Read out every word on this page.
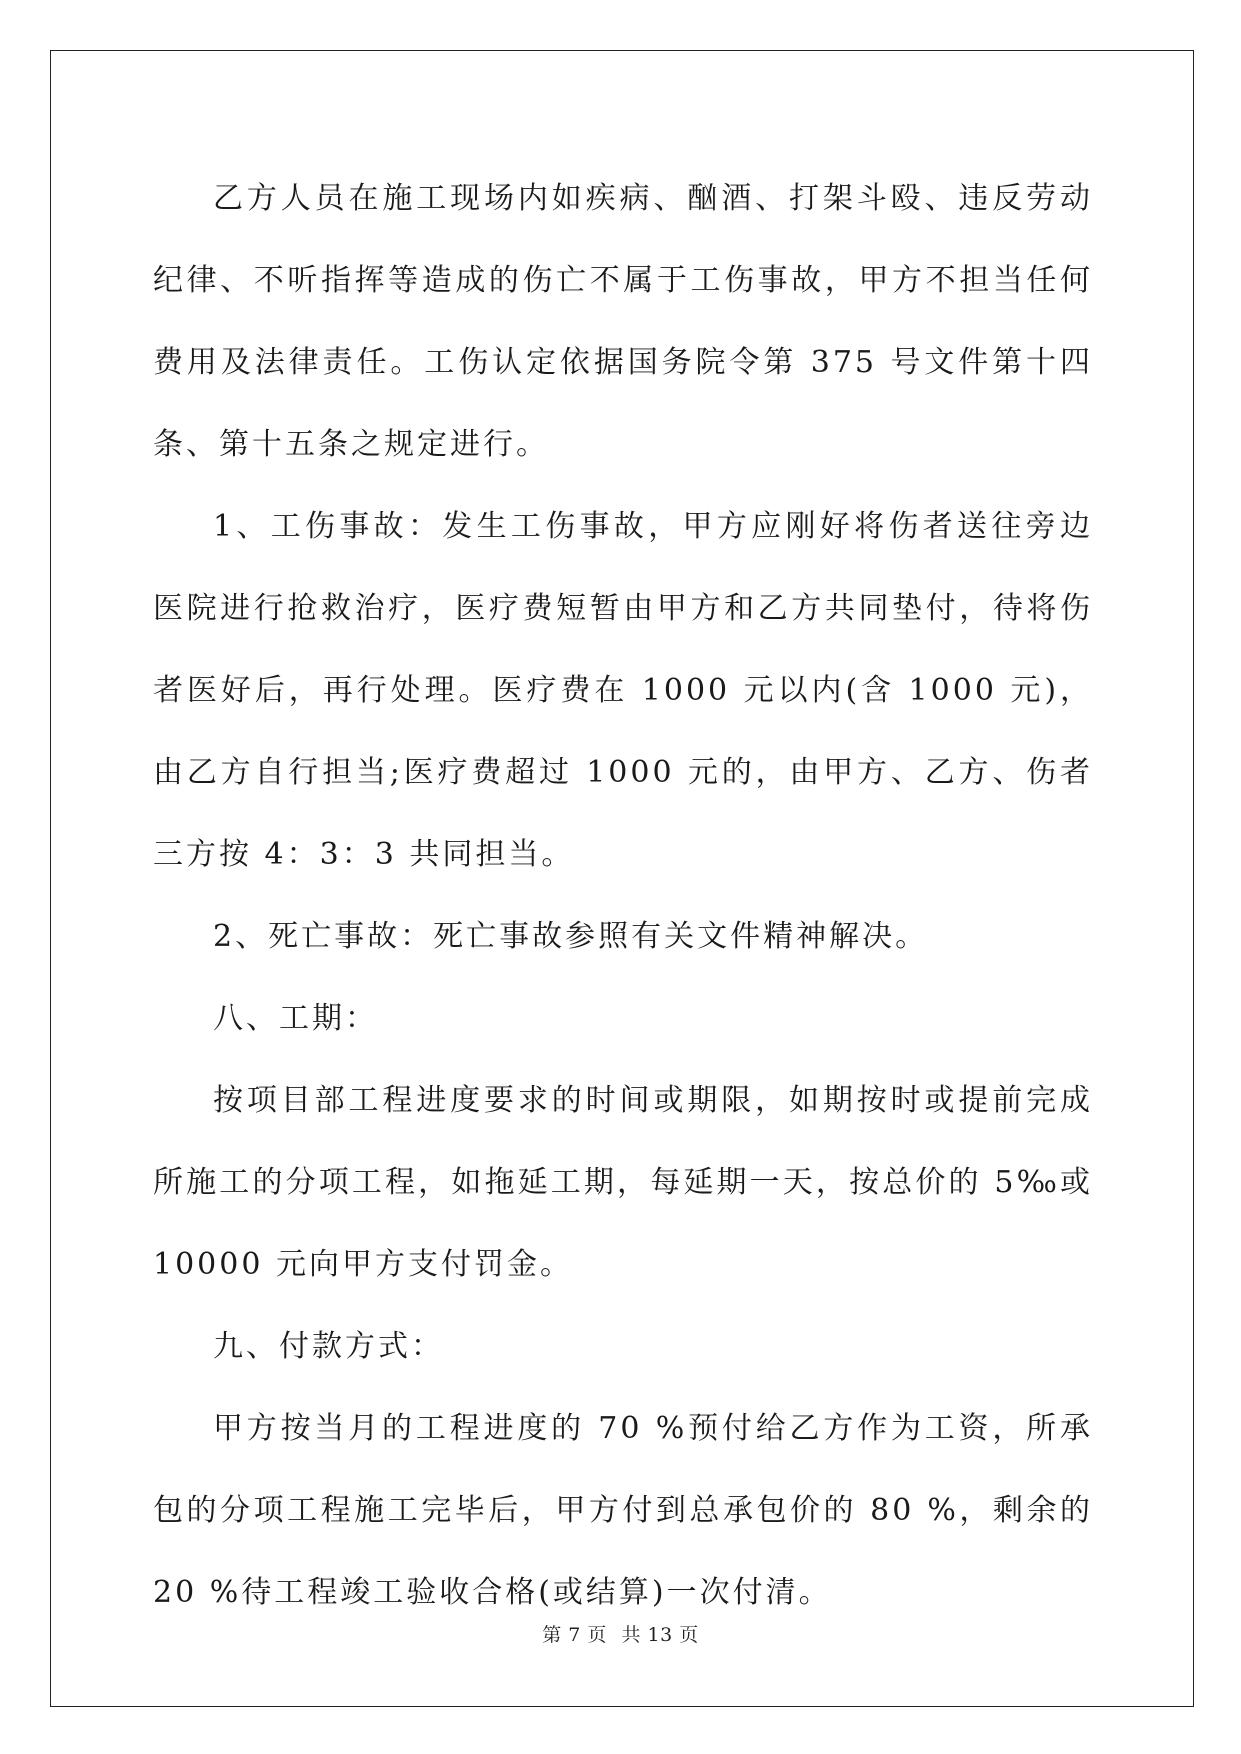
乙方人员在施工现场内如疾病、酗酒、打架斗殴、违反劳动纪律、不听指挥等造成的伤亡不属于工伤事故，甲方不担当任何费用及法律责任。工伤认定依据国务院令第 375 号文件第十四条、第十五条之规定进行。

1、工伤事故：发生工伤事故，甲方应刚好将伤者送往旁边医院进行抢救治疗，医疗费短暂由甲方和乙方共同垫付，待将伤者医好后，再行处理。医疗费在 1000 元以内(含 1000 元)，由乙方自行担当;医疗费超过 1000 元的，由甲方、乙方、伤者三方按 4：3：3 共同担当。

2、死亡事故：死亡事故参照有关文件精神解决。

八、工期：

按项目部工程进度要求的时间或期限，如期按时或提前完成所施工的分项工程，如拖延工期，每延期一天，按总价的 5‰或 10000 元向甲方支付罚金。

九、付款方式：

甲方按当月的工程进度的 70 %预付给乙方作为工资，所承包的分项工程施工完毕后，甲方付到总承包价的 80 %，剩余的 20 %待工程竣工验收合格(或结算)一次付清。

第 7 页 共 13 页
